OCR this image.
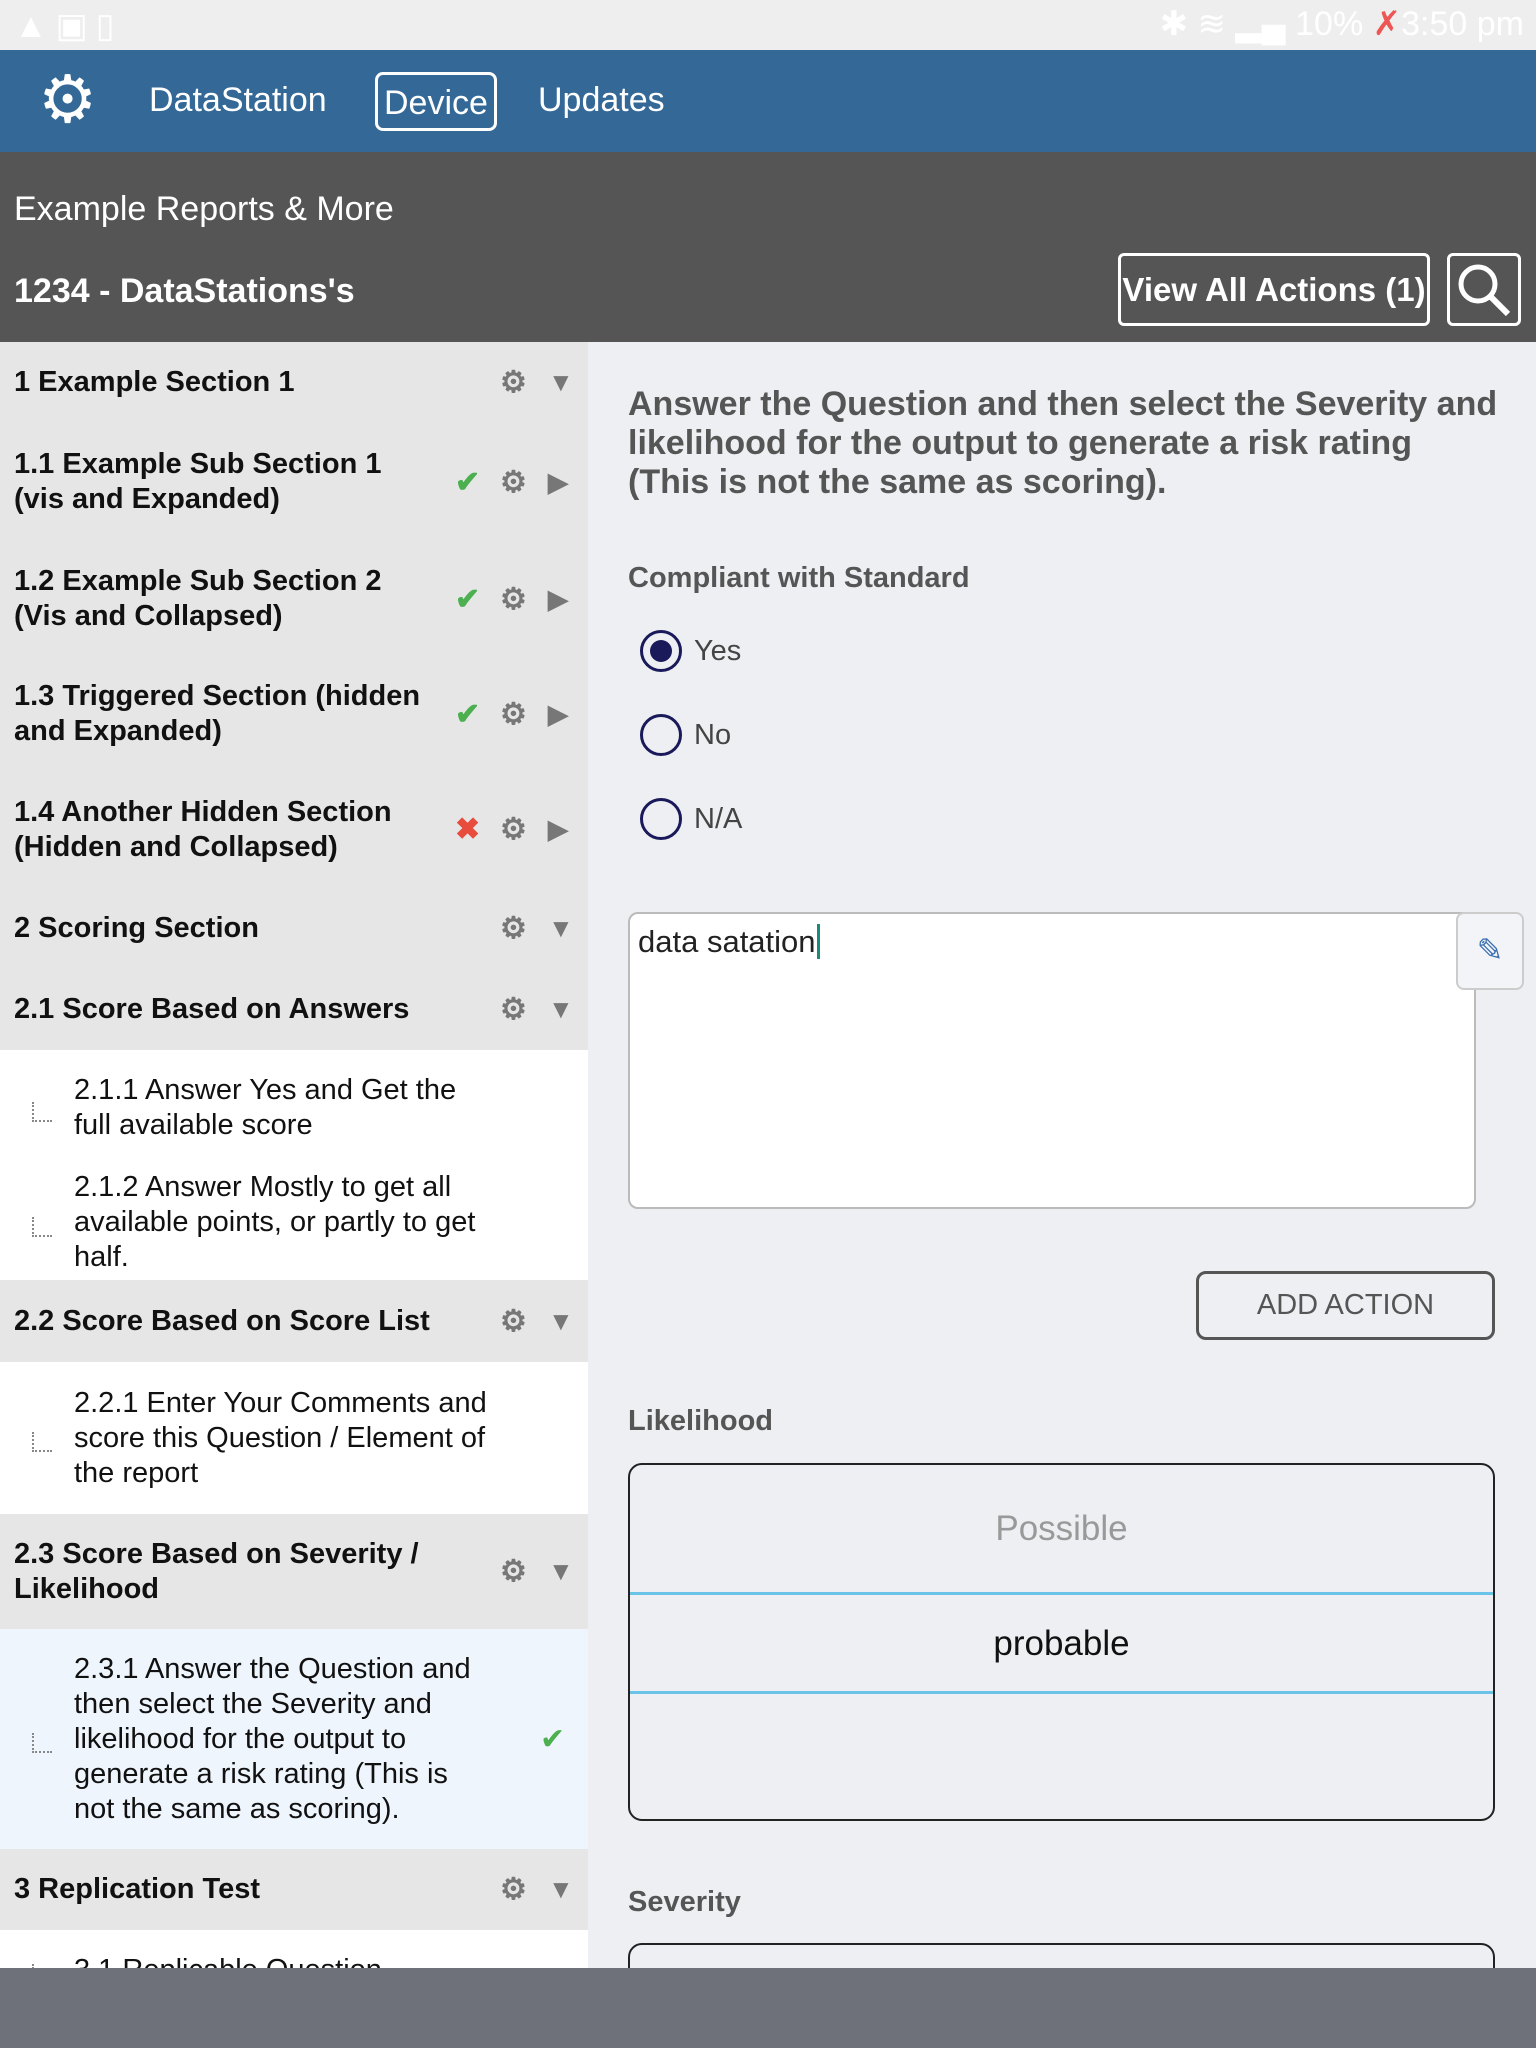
▲▣▯	✱ ≋ ▂▄ 10% ✗3:50 pm
⚙ DataStation Device Updates
Example Reports & More
1234 - DataStations's	View All Actions (1)
1 Example Section 1	⚙ ▼
1.1 Example Sub Section 1 (vis and Expanded)
✔ ⚙ ▶
1.2 Example Sub Section 2 (Vis and Collapsed)
✔ ⚙ ▶
1.3 Triggered Section (hidden and Expanded)
✔ ⚙ ▶
1.4 Another Hidden Section (Hidden and Collapsed)
✖ ⚙ ▶
2 Scoring Section	⚙ ▼
2.1 Score Based on Answers	⚙ ▼
2.1.1 Answer Yes and Get the full available score
2.1.2 Answer Mostly to get all available points, or partly to get half.
2.2 Score Based on Score List ⚙ ▼
2.2.1 Enter Your Comments and score this Question / Element of the report
2.3 Score Based on Severity / Likelihood
⚙ ▼
2.3.1 Answer the Question and then select the Severity and likelihood for the output to generate a risk rating (This is not the same as scoring).
✔
3 Replication Test	⚙ ▼
Answer the Question and then select the Severity and likelihood for the output to generate a risk rating (This is not the same as scoring).
Compliant with Standard
Yes
No
N/A
data satation	✎
ADD ACTION
Likelihood
Possible
probable
Severity
